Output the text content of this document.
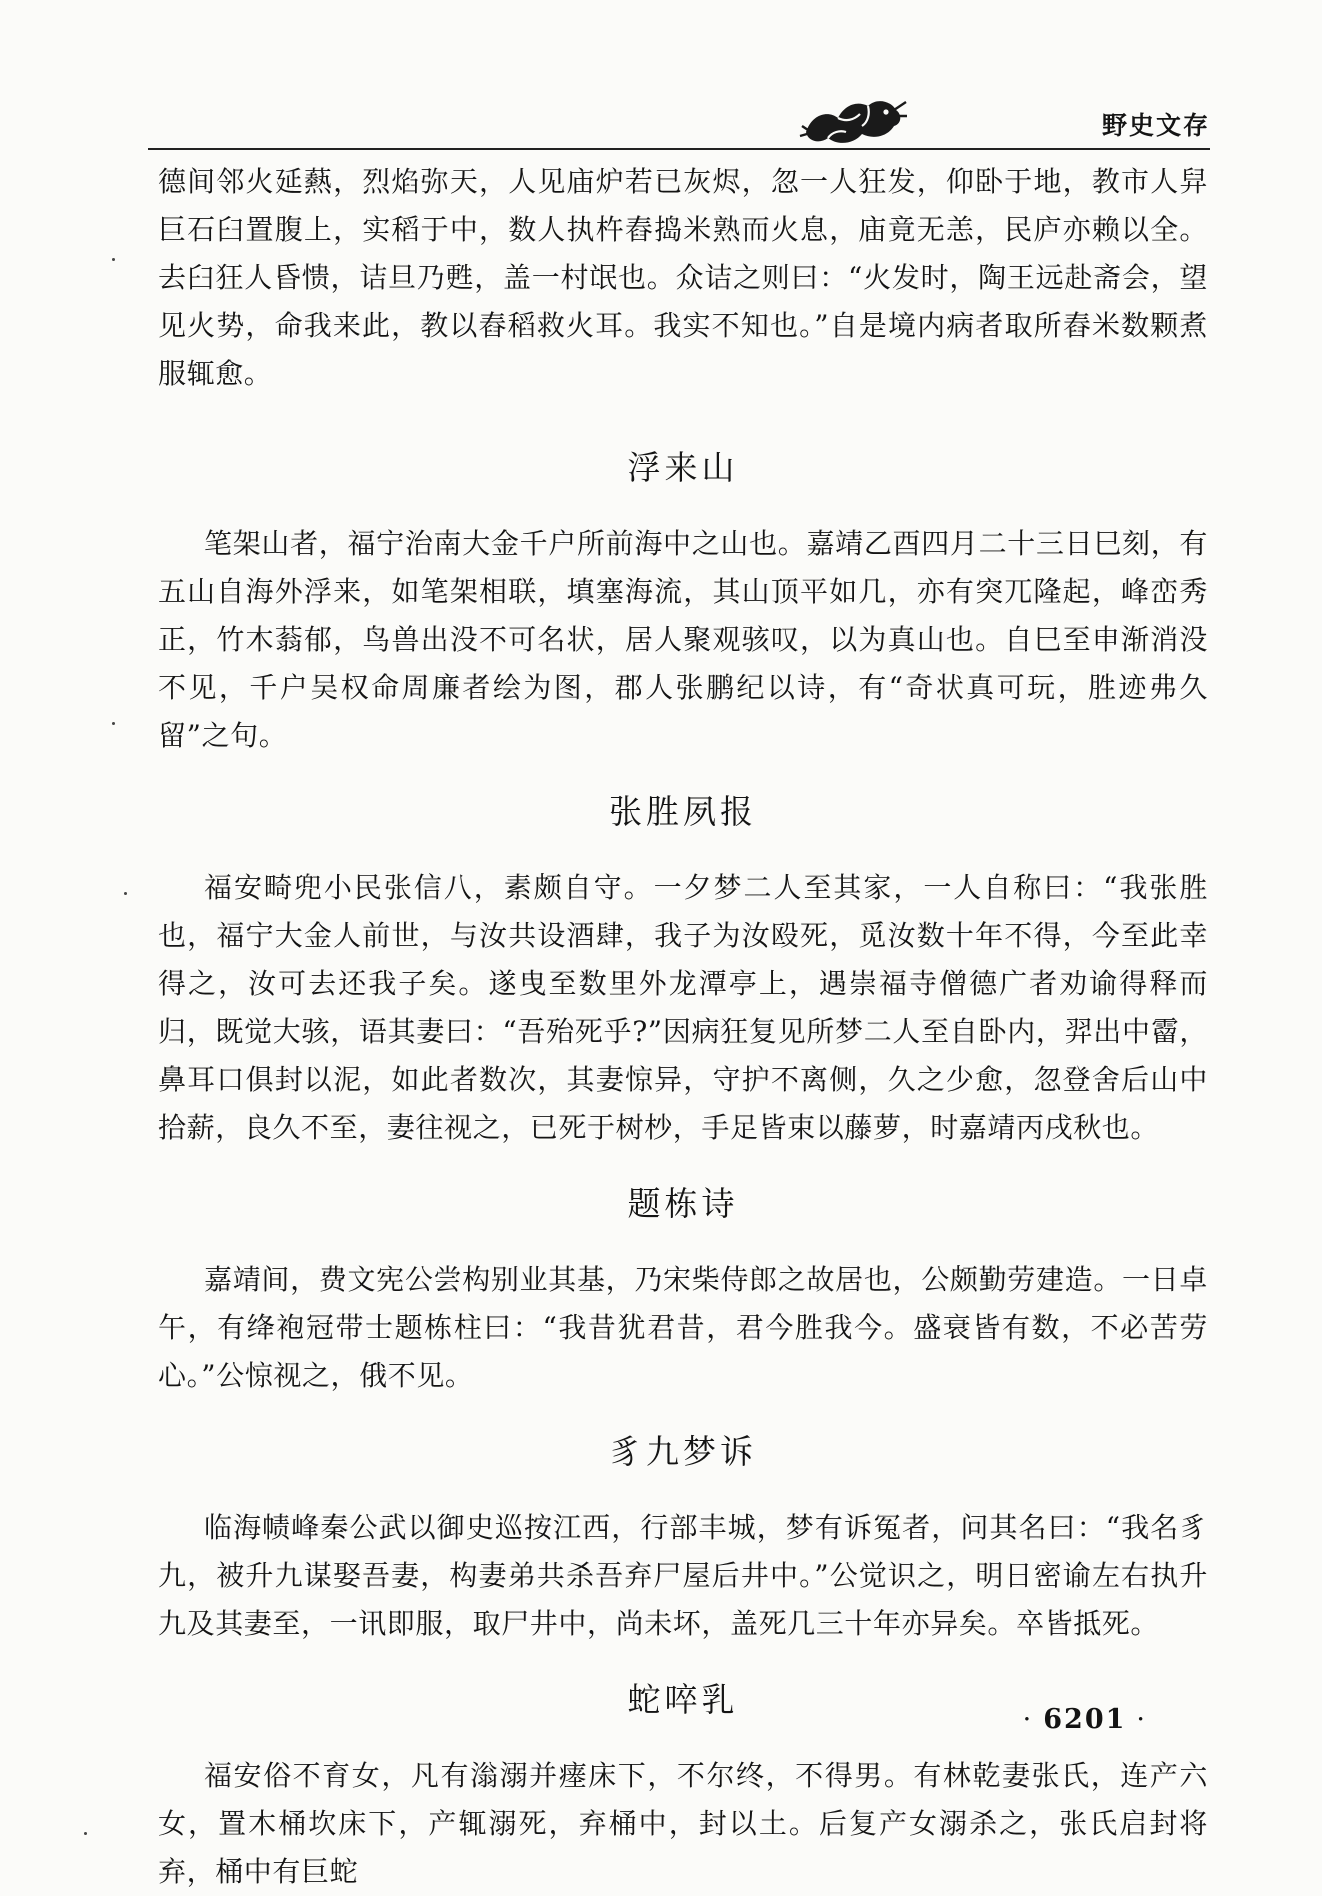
野史文存

德间邻火延爇，烈焰弥天，人见庙炉若已灰烬，忽一人狂发，仰卧于地，教市人舁巨石臼置腹上，实稻于中，数人执杵舂捣米熟而火息，庙竟无恙，民庐亦赖以全。去臼狂人昏愦，诘旦乃甦，盖一村氓也。众诘之则曰：“火发时，陶王远赴斋会，望见火势，命我来此，教以舂稻救火耳。我实不知也。”自是境内病者取所舂米数颗煮服辄愈。

浮来山

笔架山者，福宁治南大金千户所前海中之山也。嘉靖乙酉四月二十三日巳刻，有五山自海外浮来，如笔架相联，填塞海流，其山顶平如几，亦有突兀隆起，峰峦秀正，竹木蓊郁，鸟兽出没不可名状，居人聚观骇叹，以为真山也。自巳至申渐消没不见，千户吴权命周廉者绘为图，郡人张鹏纪以诗，有“奇状真可玩，胜迹弗久留”之句。

张胜夙报

福安畸兜小民张信八，素颇自守。一夕梦二人至其家，一人自称曰：“我张胜也，福宁大金人前世，与汝共设酒肆，我子为汝殴死，觅汝数十年不得，今至此幸得之，汝可去还我子矣。遂曳至数里外龙潭亭上，遇崇福寺僧德广者劝谕得释而归，既觉大骇，语其妻曰：“吾殆死乎?”因病狂复见所梦二人至自卧内，羿出中霤，鼻耳口俱封以泥，如此者数次，其妻惊异，守护不离侧，久之少愈，忽登舍后山中拾薪，良久不至，妻往视之，已死于树杪，手足皆束以藤萝，时嘉靖丙戌秋也。

题栋诗

嘉靖间，费文宪公尝构别业其基，乃宋柴侍郎之故居也，公颇勤劳建造。一日卓午，有绛袍冠带士题栋柱曰：“我昔犹君昔，君今胜我今。盛衰皆有数，不必苦劳心。”公惊视之，俄不见。

豸九梦诉

临海帻峰秦公武以御史巡按江西，行部丰城，梦有诉冤者，问其名曰：“我名豸九，被升九谋娶吾妻，构妻弟共杀吾弃尸屋后井中。”公觉识之，明日密谕左右执升九及其妻至，一讯即服，取尸井中，尚未坏，盖死几三十年亦异矣。卒皆抵死。

蛇啐乳

福安俗不育女，凡有滃溺并瘗床下，不尔终，不得男。有林乾妻张氏，连产六女，置木桶坎床下，产辄溺死，弃桶中，封以土。后复产女溺杀之，张氏启封将弃，桶中有巨蛇

· 6201 ·
